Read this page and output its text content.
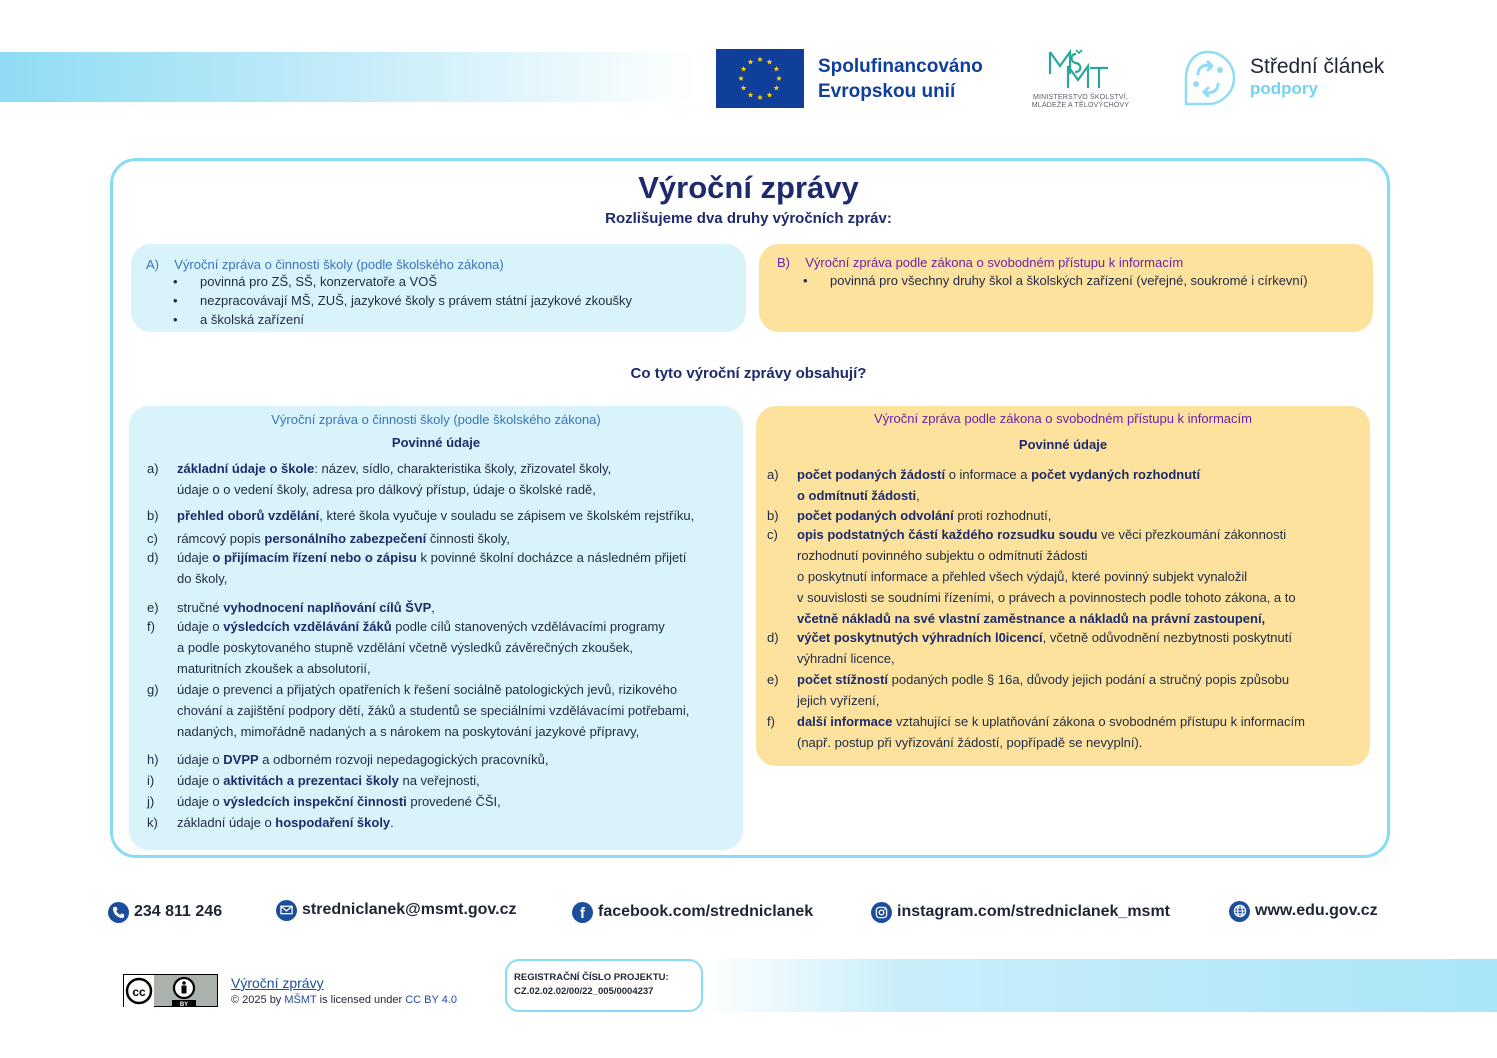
Spolufinancováno
Evropskou unií	MINISTERSTVO ŠKOLSTVÍ,
MLÁDEŽE A TĚLOVÝCHOVY
Střední článek
podpory
Výroční zprávy
Rozlišujeme dva druhy výročních zpráv:
A) Výroční zpráva o činnosti školy (podle školského zákona)
• povinná pro ZŠ, SŠ, konzervatoře a VOŠ
• nezpracovávají MŠ, ZUŠ, jazykové školy s právem státní jazykové zkoušky
• a školská zařízení
B) Výroční zpráva podle zákona o svobodném přístupu k informacím
• povinná pro všechny druhy škol a školských zařízení (veřejné, soukromé i církevní)
Co tyto výroční zprávy obsahují?
Výroční zpráva o činnosti školy (podle školského zákona)
Povinné údaje
a) základní údaje o škole: název, sídlo, charakteristika školy, zřizovatel školy,
údaje o o vedení školy, adresa pro dálkový přístup, údaje o školské radě,
b) přehled oborů vzdělání, které škola vyučuje v souladu se zápisem ve školském rejstříku,
c) rámcový popis personálního zabezpečení činnosti školy,
d) údaje o přijímacím řízení nebo o zápisu k povinné školní docházce a následném přijetí
do školy,
e) stručné vyhodnocení naplňování cílů ŠVP,
f) údaje o výsledcích vzdělávání žáků podle cílů stanovených vzdělávacími programy
a podle poskytovaného stupně vzdělání včetně výsledků závěrečných zkoušek,
maturitních zkoušek a absolutorií,
g) údaje o prevenci a přijatých opatřeních k řešení sociálně patologických jevů, rizikového
chování a zajištění podpory dětí, žáků a studentů se speciálními vzdělávacími potřebami,
nadaných, mimořádně nadaných a s nárokem na poskytování jazykové přípravy,
h) údaje o DVPP a odborném rozvoji nepedagogických pracovníků,
i) údaje o aktivitách a prezentaci školy na veřejnosti,
j) údaje o výsledcích inspekční činnosti provedené ČŠI,
k) základní údaje o hospodaření školy.
Výroční zpráva podle zákona o svobodném přístupu k informacím
Povinné údaje
a) počet podaných žádostí o informace a počet vydaných rozhodnutí
o odmítnutí žádosti,
b) počet podaných odvolání proti rozhodnutí,
c) opis podstatných částí každého rozsudku soudu ve věci přezkoumání zákonnosti
rozhodnutí povinného subjektu o odmítnutí žádosti
o poskytnutí informace a přehled všech výdajů, které povinný subjekt vynaložil
v souvislosti se soudními řízeními, o právech a povinnostech podle tohoto zákona, a to
včetně nákladů na své vlastní zaměstnance a nákladů na právní zastoupení,
d) výčet poskytnutých výhradních l0icencí, včetně odůvodnění nezbytnosti poskytnutí
výhradní licence,
e) počet stížností podaných podle § 16a, důvody jejich podání a stručný popis způsobu
jejich vyřízení,
f) další informace vztahující se k uplatňování zákona o svobodném přístupu k informacím
(např. postup při vyřizování žádostí, popřípadě se nevyplní).
234 811 246	stredniclanek@msmt.gov.cz	f facebook.com/stredniclanek	instagram.com/stredniclanek_msmt	www.edu.gov.cz
cc
BY
Výroční zprávy
© 2025 by MŠMT is licensed under CC BY 4.0
REGISTRAČNÍ ČÍSLO PROJEKTU:
CZ.02.02.02/00/22_005/0004237
